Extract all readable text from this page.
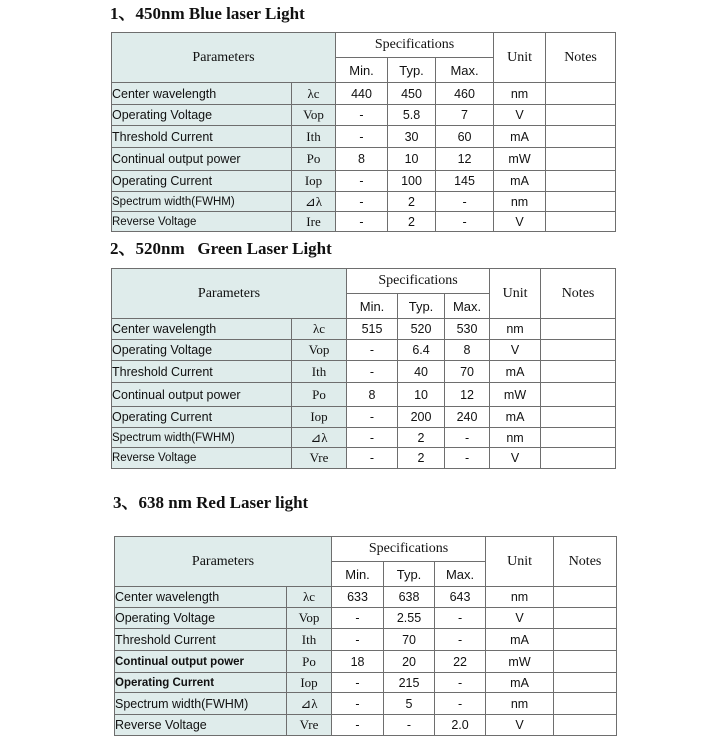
1、450nm Blue laser Light
Parameters		Specifications			Unit	Notes
		Min.	Typ.	Max.		
Center wavelength	λc	440	450	460	nm	
Operating Voltage	Vop	-	5.8	7	V	
Threshold Current	Ith	-	30	60	mA	
Continual output power	Po	8	10	12	mW	
Operating Current	Iop	-	100	145	mA	
Spectrum width(FWHM)	⊿λ	-	2	-	nm	
Reverse Voltage	Ire	-	2	-	V	
2、520nm   Green Laser Light
Parameters		Specifications			Unit	Notes
		Min.	Typ.	Max.		
Center wavelength	λc	515	520	530	nm	
Operating Voltage	Vop	-	6.4	8	V	
Threshold Current	Ith	-	40	70	mA	
Continual output power	Po	8	10	12	mW	
Operating Current	Iop	-	200	240	mA	
Spectrum width(FWHM)	⊿λ	-	2	-	nm	
Reverse Voltage	Vre	-	2	-	V	
3、638 nm Red Laser light
Parameters		Specifications			Unit	Notes
		Min.	Typ.	Max.		
Center wavelength	λc	633	638	643	nm	
Operating Voltage	Vop	-	2.55	-	V	
Threshold Current	Ith	-	70	-	mA	
Continual output power	Po	18	20	22	mW	
Operating Current	Iop	-	215	-	mA	
Spectrum width(FWHM)	⊿λ	-	5	-	nm	
Reverse Voltage	Vre	-	-	2.0	V	
